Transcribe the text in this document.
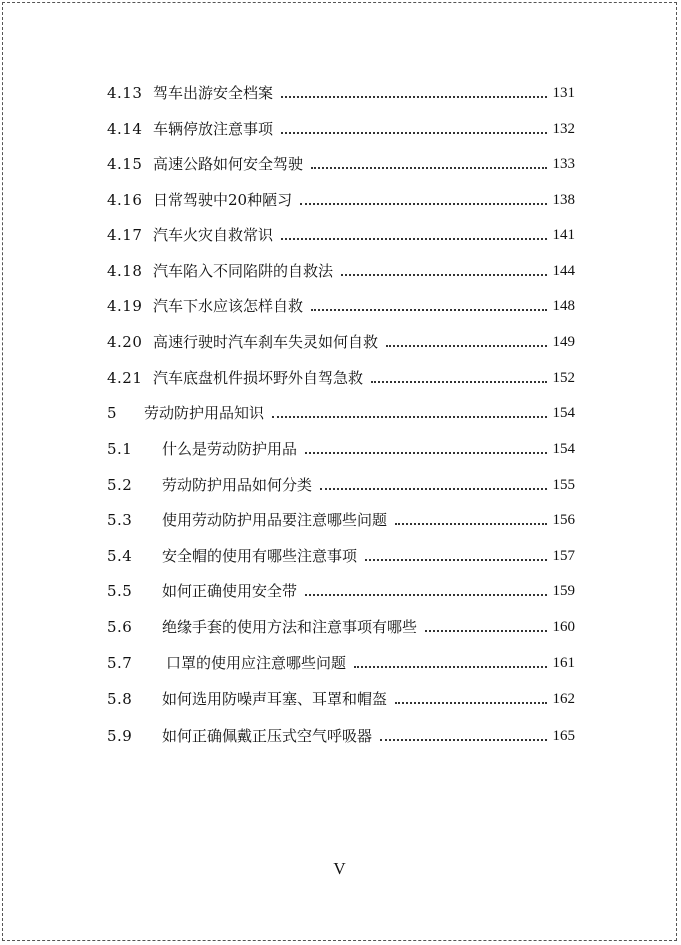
4.13 驾车出游安全档案	131
4.14 车辆停放注意事项	132
4.15 高速公路如何安全驾驶	133
4.16 日常驾驶中20种陋习	138
4.17 汽车火灾自救常识	141
4.18 汽车陷入不同陷阱的自救法	144
4.19 汽车下水应该怎样自救	148
4.20 高速行驶时汽车刹车失灵如何自救	149
4.21 汽车底盘机件损坏野外自驾急救	152
5	劳动防护用品知识	154
5.1	什么是劳动防护用品	154
5.2	劳动防护用品如何分类	155
5.3	使用劳动防护用品要注意哪些问题	156
5.4	安全帽的使用有哪些注意事项	157
5.5	如何正确使用安全带	159
5.6	绝缘手套的使用方法和注意事项有哪些	160
5.7	口罩的使用应注意哪些问题	161
5.8	如何选用防噪声耳塞、耳罩和帽盔	162
5.9	如何正确佩戴正压式空气呼吸器	165
V
